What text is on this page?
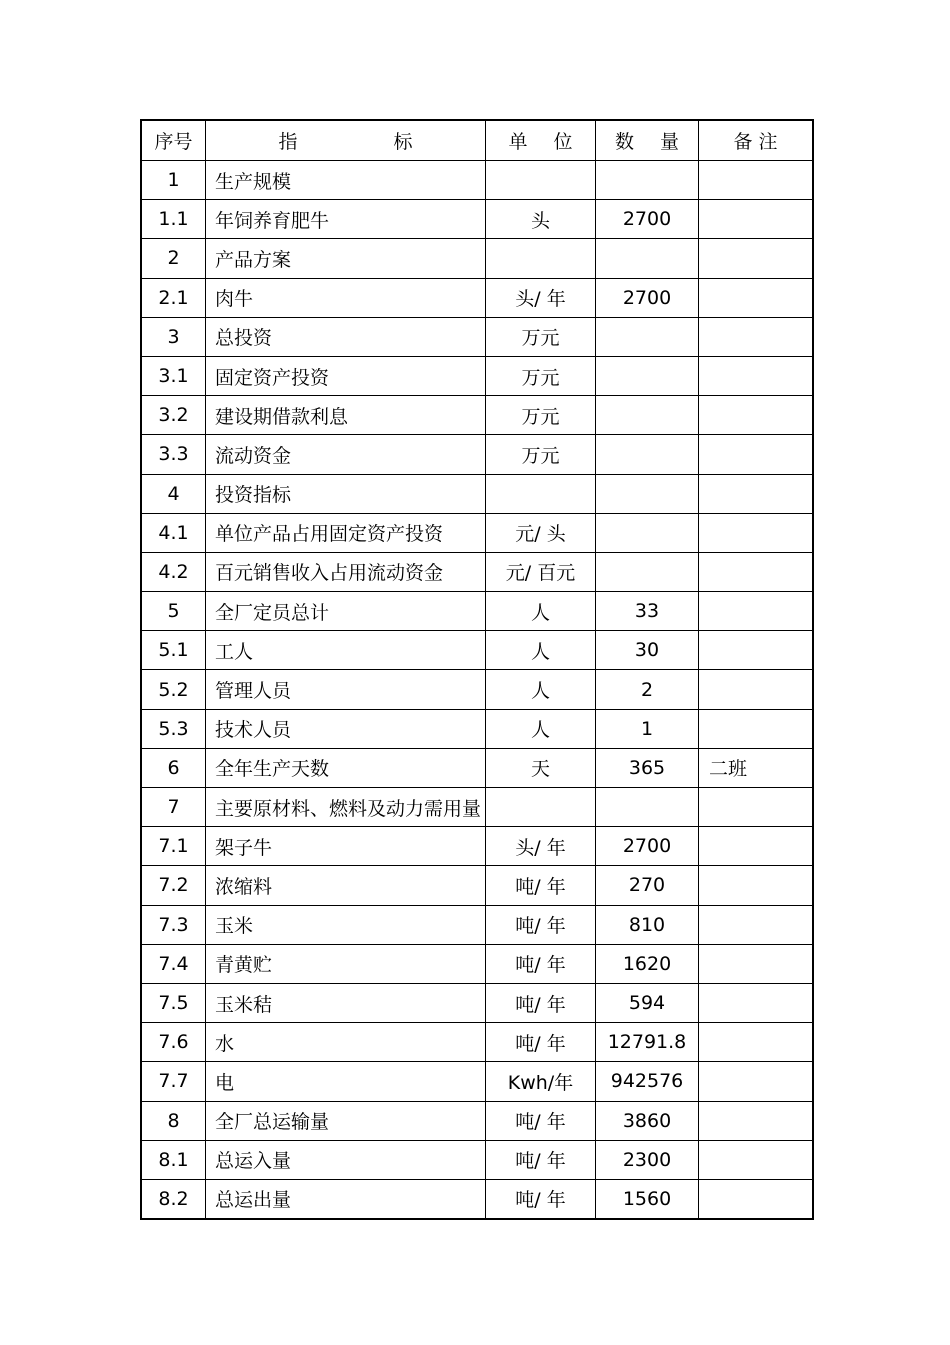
序号	指 标	单 位	数 量	备 注
1	生产规模			
1.1	年饲养育肥牛	头	2700	
2	产品方案			
2.1	肉牛	头/ 年	2700	
3	总投资	万元		
3.1	固定资产投资	万元		
3.2	建设期借款利息	万元		
3.3	流动资金	万元		
4	投资指标			
4.1	单位产品占用固定资产投资	元/ 头		
4.2	百元销售收入占用流动资金	元/ 百元		
5	全厂定员总计	人	33	
5.1	工人	人	30	
5.2	管理人员	人	2	
5.3	技术人员	人	1	
6	全年生产天数	天	365	二班
7	主要原材料、燃料及动力需用量			
7.1	架子牛	头/ 年	2700	
7.2	浓缩料	吨/ 年	270	
7.3	玉米	吨/ 年	810	
7.4	青黄贮	吨/ 年	1620	
7.5	玉米秸	吨/ 年	594	
7.6	水	吨/ 年	12791.8	
7.7	电	Kwh/年	942576	
8	全厂总运输量	吨/ 年	3860	
8.1	总运入量	吨/ 年	2300	
8.2	总运出量	吨/ 年	1560	
